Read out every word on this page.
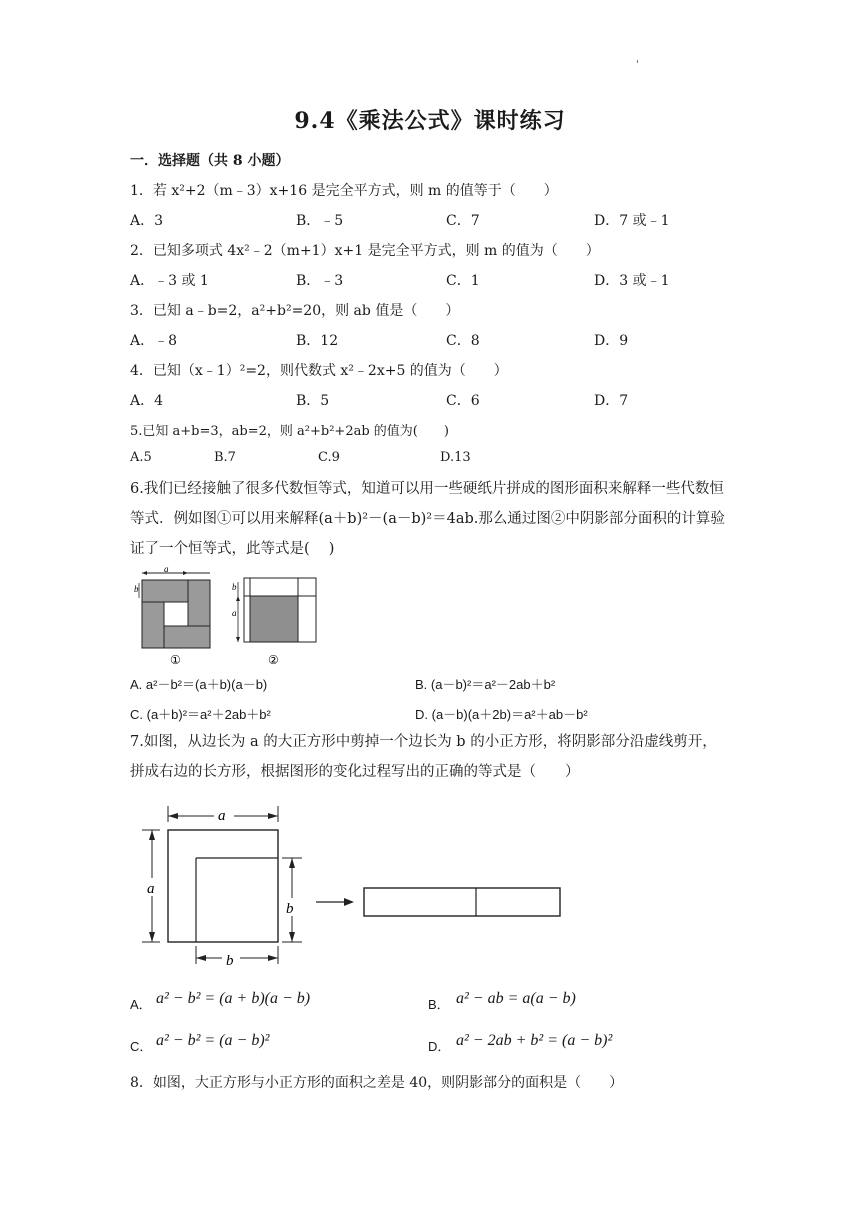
'
9.4《乘法公式》课时练习
一．选择题（共 8 小题）
1．若 x²+2（m﹣3）x+16 是完全平方式，则 m 的值等于（　　）
A．3	B．﹣5	C．7	D．7 或﹣1
2．已知多项式 4x²﹣2（m+1）x+1 是完全平方式，则 m 的值为（　　）
A．﹣3 或 1	B．﹣3	C．1	D．3 或﹣1
3．已知 a﹣b=2，a²+b²=20，则 ab 值是（　　）
A．﹣8	B．12	C．8	D．9
4．已知（x﹣1）²=2，则代数式 x²﹣2x+5 的值为（　　）
A．4	B．5	C．6	D．7
5.已知 a+b=3，ab=2，则 a²+b²+2ab 的值为(　　)
A.5	B.7	C.9	D.13
6.我们已经接触了很多代数恒等式，知道可以用一些硬纸片拼成的图形面积来解释一些代数恒等式．例如图①可以用来解释(a＋b)²－(a－b)²＝4ab.那么通过图②中阴影部分面积的计算验证了一个恒等式，此等式是(　 )
a
b
①
b
a
②
A. a²－b²＝(a＋b)(a－b)	B. (a－b)²＝a²－2ab＋b²
C. (a＋b)²＝a²＋2ab＋b²	D. (a－b)(a＋2b)＝a²＋ab－b²
7.如图，从边长为 a 的大正方形中剪掉一个边长为 b 的小正方形，将阴影部分沿虚线剪开，拼成右边的长方形，根据图形的变化过程写出的正确的等式是（　　）
a
a
b
b
A． a² − b² = (a + b)(a − b)	B． a² − ab = a(a − b)
C． a² − b² = (a − b)²	D． a² − 2ab + b² = (a − b)²
8．如图，大正方形与小正方形的面积之差是 40，则阴影部分的面积是（　　）
